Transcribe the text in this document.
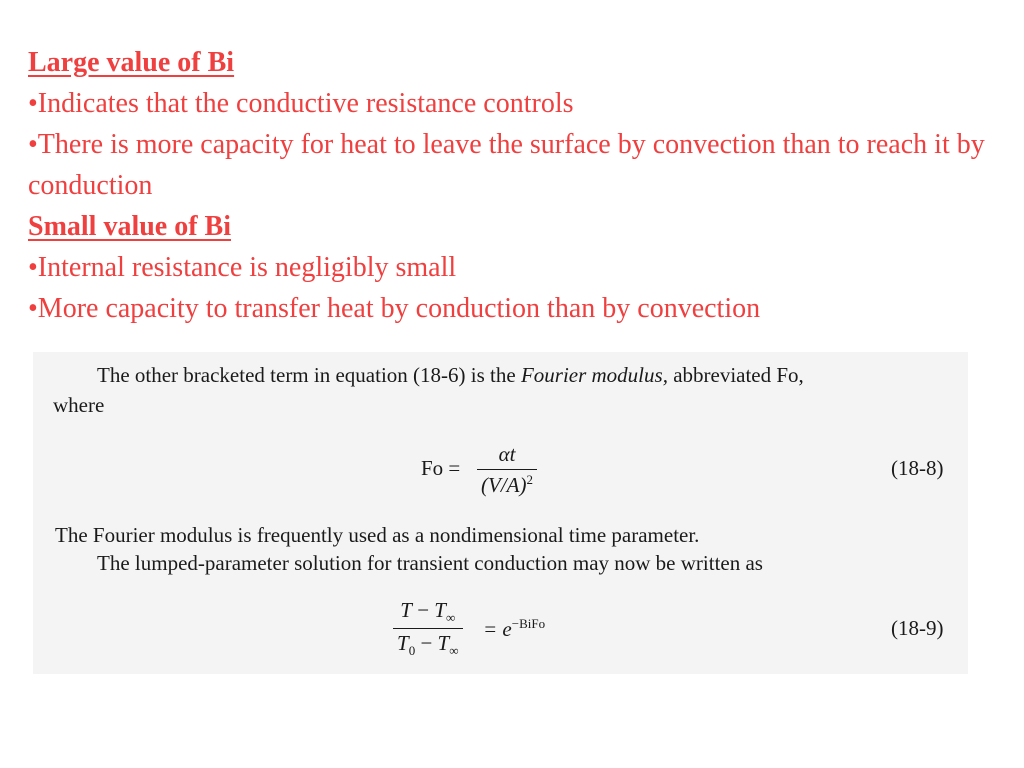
Large value of Bi
•Indicates that the conductive resistance controls
•There is more capacity for heat to leave the surface by convection than to reach it by conduction
Small value of Bi
•Internal resistance is negligibly small
•More capacity to transfer heat by conduction than by convection
The other bracketed term in equation (18-6) is the Fourier modulus, abbreviated Fo,
where
$Fo = \frac{\alpha t}{(V/A)^2}$	(18-8)
The Fourier modulus is frequently used as a nondimensional time parameter.
The lumped-parameter solution for transient conduction may now be written as
$\frac{T - T_\infty}{T_0 - T_\infty} = e^{-BiFo}$	(18-9)
